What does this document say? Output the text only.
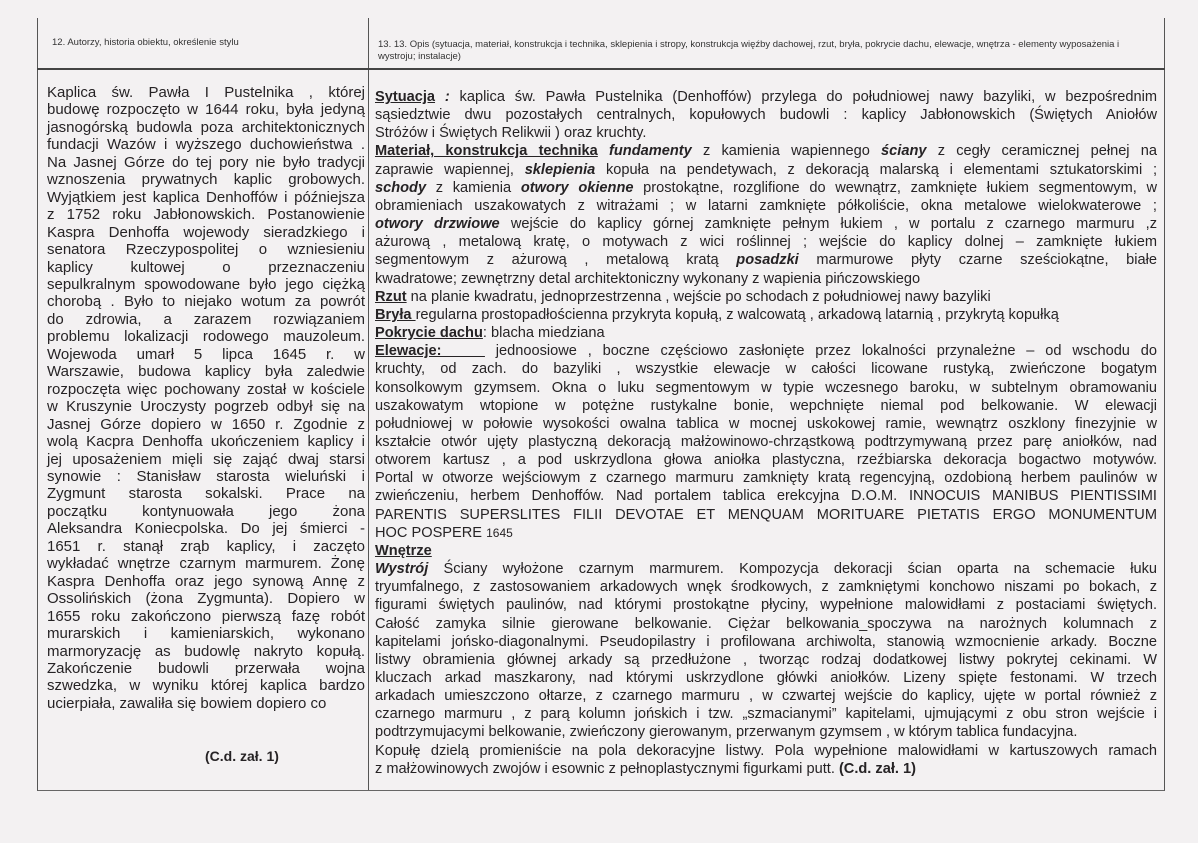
12. Autorzy, historia obiektu, określenie stylu	13. 13. Opis (sytuacja, materiał, konstrukcja i technika, sklepienia i stropy, konstrukcja więźby dachowej, rzut, bryła, pokrycie dachu, elewacje, wnętrza - elementy wyposażenia i wystroju; instalacje)
Kaplica św. Pawła I Pustelnika , której
budowę rozpoczęto w 1644 roku, była jedyną
jasnogórską budowla poza architektonicznych
fundacji Wazów i wyższego duchowieństwa .
Na Jasnej Górze do tej pory nie było tradycji
wznoszenia prywatnych kaplic grobowych.
Wyjątkiem jest kaplica Denhoffów i późniejsza
z 1752 roku Jabłonowskich. Postanowienie
Kaspra Denhoffa wojewody sieradzkiego i
senatora Rzeczypospolitej o wzniesieniu
kaplicy kultowej o przeznaczeniu
sepulkralnym spowodowane było jego ciężką
chorobą . Było to niejako wotum za powrót
do zdrowia, a zarazem rozwiązaniem
problemu lokalizacji rodowego mauzoleum.
Wojewoda umarł 5 lipca 1645 r. w
Warszawie, budowa kaplicy była zaledwie
rozpoczęta więc pochowany został w kościele
w Kruszynie Uroczysty pogrzeb odbył się na
Jasnej Górze dopiero w 1650 r. Zgodnie z
wolą Kacpra Denhoffa ukończeniem kaplicy i
jej uposażeniem mięli się zająć dwaj starsi
synowie : Stanisław starosta wieluński i
Zygmunt starosta sokalski. Prace na
początku kontynuowała jego żona
Aleksandra Koniecpolska. Do jej śmierci -
1651 r. stanął zrąb kaplicy, i zaczęto
wykładać wnętrze czarnym marmurem. Żonę
Kaspra Denhoffa oraz jego synową Annę z
Ossolińskich (żona Zygmunta). Dopiero w
1655 roku zakończono pierwszą fazę robót
murarskich i kamieniarskich, wykonano
marmoryzację as budowlę nakryto kopułą.
Zakończenie budowli przerwała wojna
szwedzka, w wyniku której kaplica bardzo
ucierpiała, zawaliła się bowiem dopiero co
(C.d. zał. 1)
Sytuacja : kaplica św. Pawła Pustelnika (Denhoffów) przylega do południowej nawy bazyliki, w bezpośrednim
sąsiedztwie dwu pozostałych centralnych, kopułowych budowli : kaplicy Jabłonowskich (Świętych Aniołów
Stróżów i Świętych Relikwii ) oraz kruchty.
Materiał, konstrukcja technika fundamenty z kamienia wapiennego ściany z cegły ceramicznej pełnej na
zaprawie wapiennej, sklepienia kopuła na pendetywach, z dekoracją malarską i elementami sztukatorskimi ;
schody z kamienia otwory okienne prostokątne, rozglifione do wewnątrz, zamknięte łukiem segmentowym, w
obramieniach uszakowatych z witrażami ; w latarni zamknięte półkoliście, okna metalowe wielokwaterowe ;
otwory drzwiowe wejście do kaplicy górnej zamknięte pełnym łukiem , w portalu z czarnego marmuru ,z
ażurową , metalową kratę, o motywach z wici roślinnej ; wejście do kaplicy dolnej – zamknięte łukiem
segmentowym z ażurową , metalową kratą posadzki marmurowe płyty czarne sześciokątne, białe
kwadratowe; zewnętrzny detal architektoniczny wykonany z wapienia pińczowskiego
Rzut na planie kwadratu, jednoprzestrzenna , wejście po schodach z południowej nawy bazyliki
Bryła regularna prostopadłościenna przykryta kopułą, z walcowatą , arkadową latarnią , przykrytą kopułką
Pokrycie dachu: blacha miedziana
Elewacje:     jednoosiowe , boczne częściowo zasłonięte przez lokalności przynależne – od wschodu do
kruchty, od zach. do bazyliki , wszystkie elewacje w całości licowane rustyką, zwieńczone bogatym
konsolkowym gzymsem. Okna o luku segmentowym w typie wczesnego baroku, w subtelnym obramowaniu
uszakowatym wtopione w potężne rustykalne bonie, wepchnięte niemal pod belkowanie. W elewacji
południowej w połowie wysokości owalna tablica w mocnej uskokowej ramie, wewnątrz oszklony finezyjnie w
kształcie otwór ujęty plastyczną dekoracją małżowinowo-chrząstkową podtrzymywaną przez parę aniołków, nad
otworem kartusz , a pod uskrzydlona głowa aniołka plastyczna, rzeźbiarska dekoracja bogactwo motywów.
Portal w otworze wejściowym z czarnego marmuru zamknięty kratą regencyjną, ozdobioną herbem paulinów w
zwieńczeniu, herbem Denhoffów. Nad portalem tablica erekcyjna D.O.M. INNOCUIS MANIBUS PIENTISSIMI
PARENTIS SUPERSLITES FILII DEVOTAE ET MENQUAM MORITUARE PIETATIS ERGO MONUMENTUM
HOC POSPERE 1645
Wnętrze
Wystrój Ściany wyłożone czarnym marmurem. Kompozycja dekoracji ścian oparta na schemacie łuku
tryumfalnego, z zastosowaniem arkadowych wnęk środkowych, z zamkniętymi konchowo niszami po bokach, z
figurami świętych paulinów, nad którymi prostokątne płyciny, wypełnione malowidłami z postaciami świętych.
Całość zamyka silnie gierowane belkowanie. Ciężar belkowania_spoczywa na narożnych kolumnach z
kapitelami jońsko-diagonalnymi. Pseudopilastry i profilowana archiwolta, stanowią wzmocnienie arkady. Boczne
listwy obramienia głównej arkady są przedłużone , tworząc rodzaj dodatkowej listwy pokrytej cekinami. W
kluczach arkad maszkarony, nad którymi uskrzydlone główki aniołków. Lizeny spięte festonami. W trzech
arkadach umieszczono ołtarze, z czarnego marmuru , w czwartej wejście do kaplicy, ujęte w portal również z
czarnego marmuru , z parą kolumn jońskich i tzw. „szmacianymi” kapitelami, ujmującymi z obu stron wejście i
podtrzymujacymi belkowanie, zwieńczony gierowanym, przerwanym gzymsem , w którym tablica fundacyjna.
Kopułę dzielą promieniście na pola dekoracyjne listwy. Pola wypełnione malowidłami w kartuszowych ramach
z małżowinowych zwojów i esownic z pełnoplastycznymi figurkami putt. (C.d. zał. 1)
